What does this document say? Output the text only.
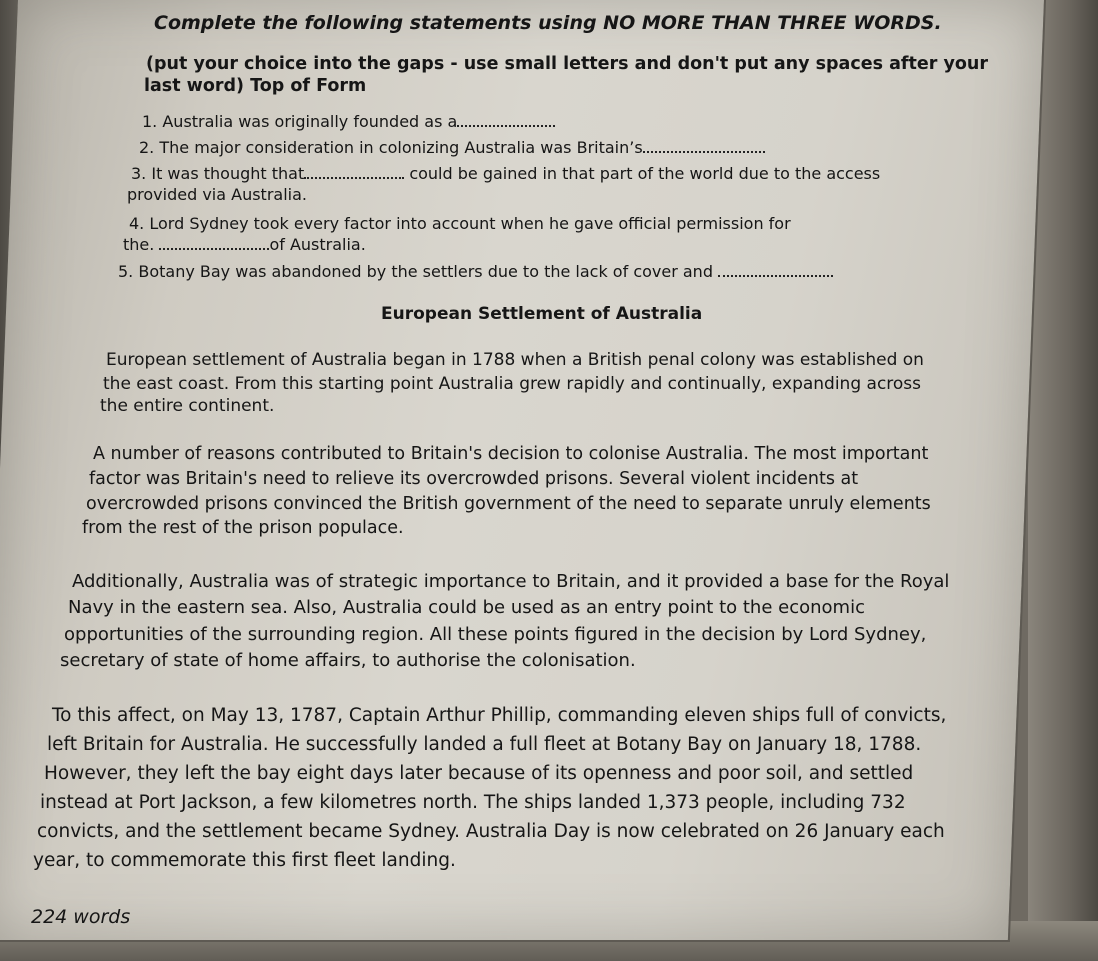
Complete the following statements using NO MORE THAN THREE WORDS.
(put your choice into the gaps - use small letters and don't put any spaces after your
last word) Top of Form
1. Australia was originally founded as a
2. The major consideration in colonizing Australia was Britain’s
3. It was thought that	could be gained in that part of the world due to the access
provided via Australia.
4. Lord Sydney took every factor into account when he gave official permission for
the.	of Australia.
5. Botany Bay was abandoned by the settlers due to the lack of cover and
European Settlement of Australia
European settlement of Australia began in 1788 when a British penal colony was established on
the east coast. From this starting point Australia grew rapidly and continually, expanding across
the entire continent.
A number of reasons contributed to Britain's decision to colonise Australia. The most important
factor was Britain's need to relieve its overcrowded prisons. Several violent incidents at
overcrowded prisons convinced the British government of the need to separate unruly elements
from the rest of the prison populace.
Additionally, Australia was of strategic importance to Britain, and it provided a base for the Royal
Navy in the eastern sea. Also, Australia could be used as an entry point to the economic
opportunities of the surrounding region. All these points figured in the decision by Lord Sydney,
secretary of state of home affairs, to authorise the colonisation.
To this affect, on May 13, 1787, Captain Arthur Phillip, commanding eleven ships full of convicts,
left Britain for Australia. He successfully landed a full fleet at Botany Bay on January 18, 1788.
However, they left the bay eight days later because of its openness and poor soil, and settled
instead at Port Jackson, a few kilometres north. The ships landed 1,373 people, including 732
convicts, and the settlement became Sydney. Australia Day is now celebrated on 26 January each
year, to commemorate this first fleet landing.
224 words
